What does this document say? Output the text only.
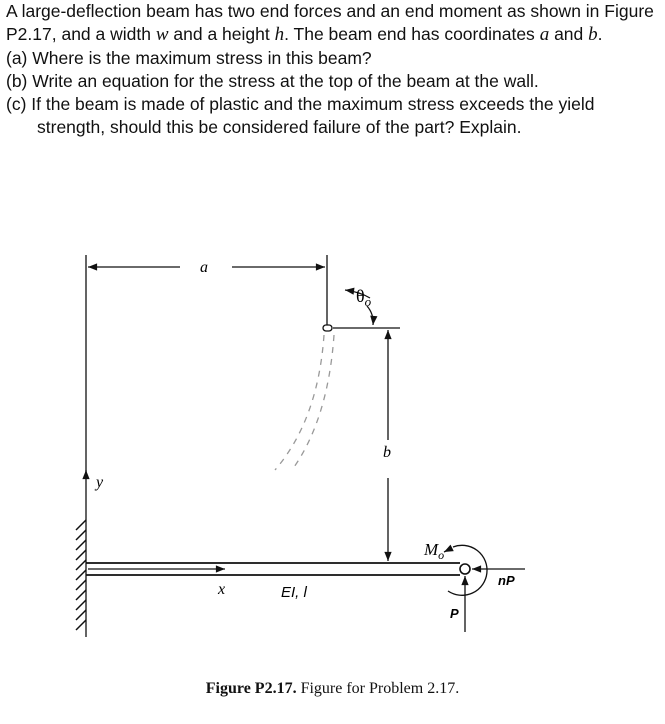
A large-deflection beam has two end forces and an end moment as shown in Figure P2.17, and a width w and a height h. The beam end has coordinates a and b.

(a) Where is the maximum stress in this beam?

(b) Write an equation for the stress at the top of the beam at the wall.

(c) If the beam is made of plastic and the maximum stress exceeds the yield strength, should this be considered failure of the part? Explain.

a
$\theta_o$
b
y
x	EI, l
$M_o$
nP
P
Figure P2.17. Figure for Problem 2.17.
